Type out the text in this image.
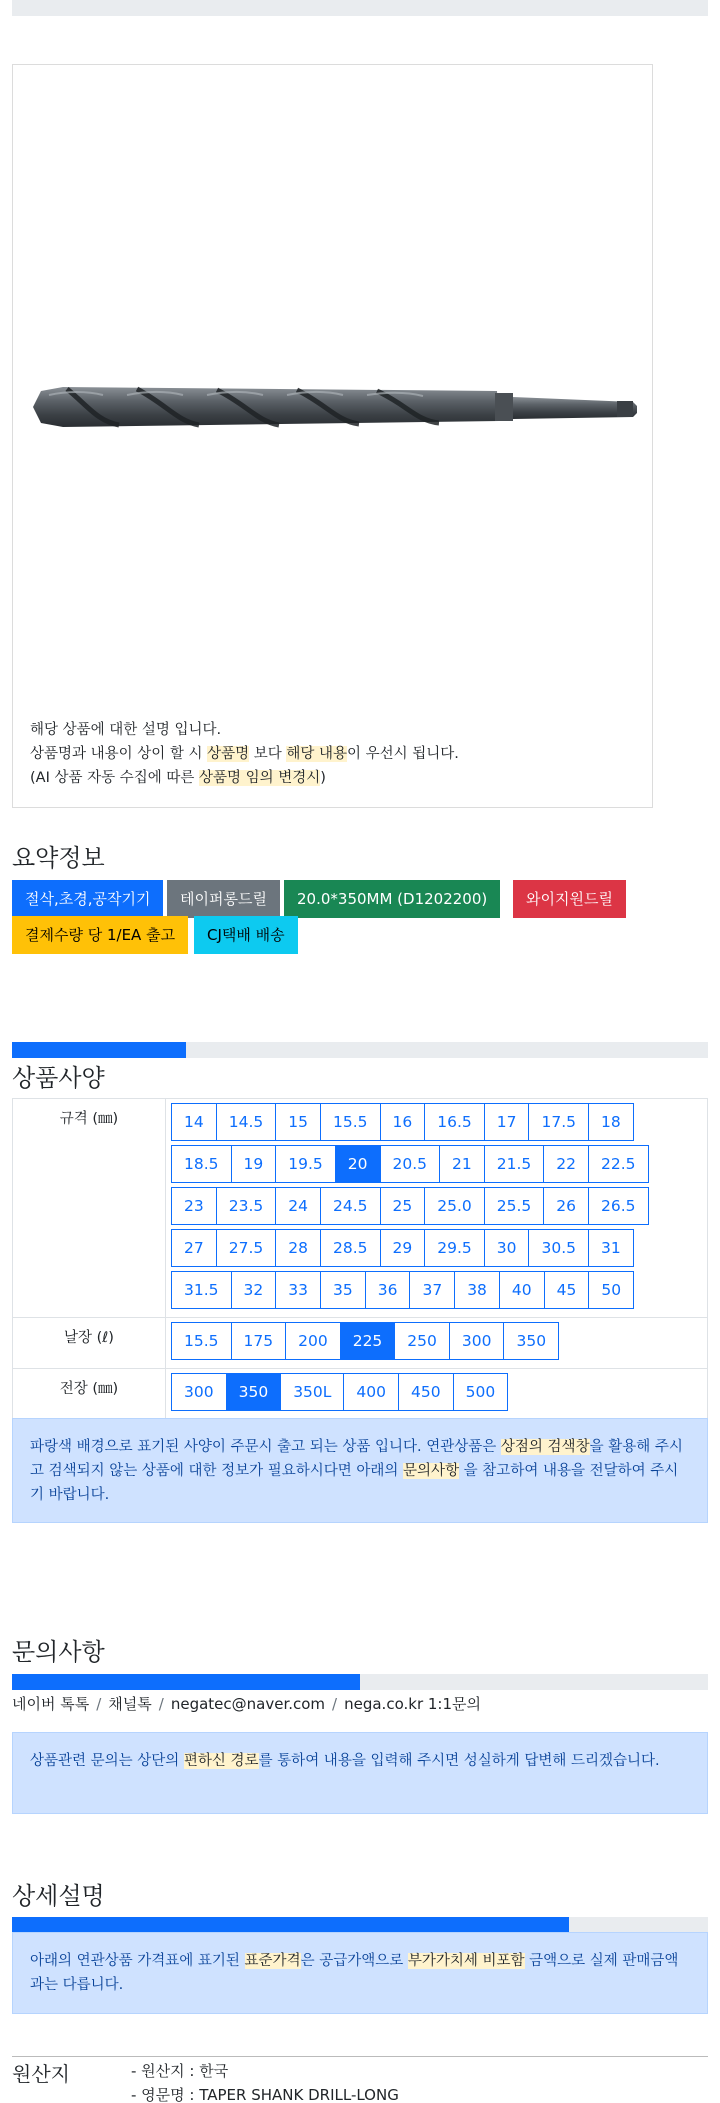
해당 상품에 대한 설명 입니다.
상품명과 내용이 상이 할 시 상품명 보다 해당 내용이 우선시 됩니다.
(AI 상품 자동 수집에 따른 상품명 임의 변경시)
요약정보
절삭,초경,공작기기	테이퍼롱드릴	20.0*350MM (D1202200)	와이지원드릴
결제수량 당 1/EA 출고	CJ택배 배송
상품사양
규격 (㎜)	14	14.5	15	15.5	16	16.5	17	17.5	18
18.5	19	19.5	20	20.5	21	21.5	22	22.5
23	23.5	24	24.5	25	25.0	25.5	26	26.5
27	27.5	28	28.5	29	29.5	30	30.5	31
31.5	32	33	35	36	37	38	40	45	50
날장 (ℓ)	15.5	175	200	225	250	300	350
전장 (㎜)	300	350	350L	400	450	500
파랑색 배경으로 표기된 사양이 주문시 출고 되는 상품 입니다. 연관상품은 상점의 검색창을 활용해 주시고 검색되지 않는 상품에 대한 정보가 필요하시다면 아래의 문의사항 을 참고하여 내용을 전달하여 주시기 바랍니다.
문의사항
네이버 톡톡 / 채널톡 / negatec@naver.com / nega.co.kr 1:1문의
상품관련 문의는 상단의 편하신 경로를 통하여 내용을 입력해 주시면 성실하게 답변해 드리겠습니다.
상세설명
아래의 연관상품 가격표에 표기된 표준가격은 공급가액으로 부가가치세 비포함 금액으로 실제 판매금액과는 다릅니다.
원산지	- 원산지 : 한국
- 영문명 : TAPER SHANK DRILL-LONG
